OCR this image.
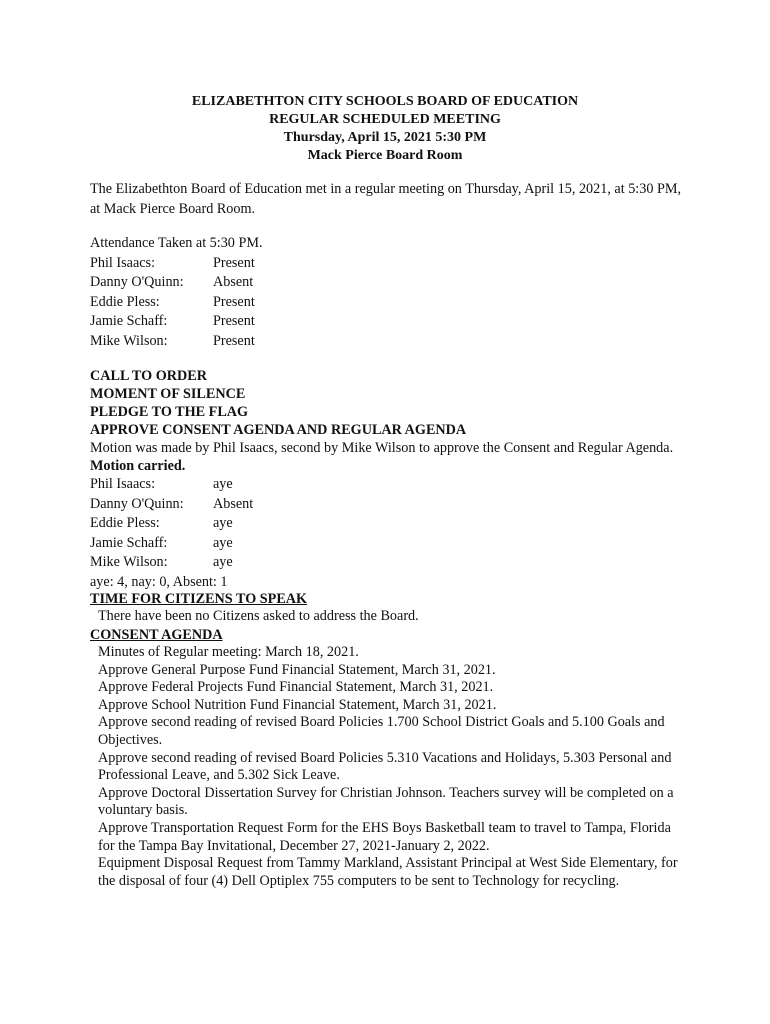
ELIZABETHTON CITY SCHOOLS BOARD OF EDUCATION
REGULAR SCHEDULED MEETING
Thursday, April 15, 2021 5:30 PM
Mack Pierce Board Room
The Elizabethton Board of Education met in a regular meeting on Thursday, April 15, 2021, at 5:30 PM, at Mack Pierce Board Room.
Attendance Taken at 5:30 PM.
Phil Isaacs:	Present
Danny O'Quinn:	Absent
Eddie Pless:	Present
Jamie Schaff:	Present
Mike Wilson:	Present
CALL TO ORDER
MOMENT OF SILENCE
PLEDGE TO THE FLAG
APPROVE CONSENT AGENDA AND REGULAR AGENDA
Motion was made by Phil Isaacs, second by Mike Wilson to approve the Consent and Regular Agenda. Motion carried.
Phil Isaacs:	aye
Danny O'Quinn:	Absent
Eddie Pless:	aye
Jamie Schaff:	aye
Mike Wilson:	aye
aye: 4, nay: 0, Absent: 1
TIME FOR CITIZENS TO SPEAK
There have been no Citizens asked to address the Board.
CONSENT AGENDA

Minutes of Regular meeting: March 18, 2021.

Approve General Purpose Fund Financial Statement, March 31, 2021.

Approve Federal Projects Fund Financial Statement, March 31, 2021.

Approve School Nutrition Fund Financial Statement, March 31, 2021.

Approve second reading of revised Board Policies 1.700 School District Goals and 5.100 Goals and Objectives.

Approve second reading of revised Board Policies 5.310 Vacations and Holidays, 5.303 Personal and Professional Leave, and 5.302 Sick Leave.

Approve Doctoral Dissertation Survey for Christian Johnson. Teachers survey will be completed on a voluntary basis.

Approve Transportation Request Form for the EHS Boys Basketball team to travel to Tampa, Florida for the Tampa Bay Invitational, December 27, 2021-January 2, 2022.

Equipment Disposal Request from Tammy Markland, Assistant Principal at West Side Elementary, for the disposal of four (4) Dell Optiplex 755 computers to be sent to Technology for recycling.
